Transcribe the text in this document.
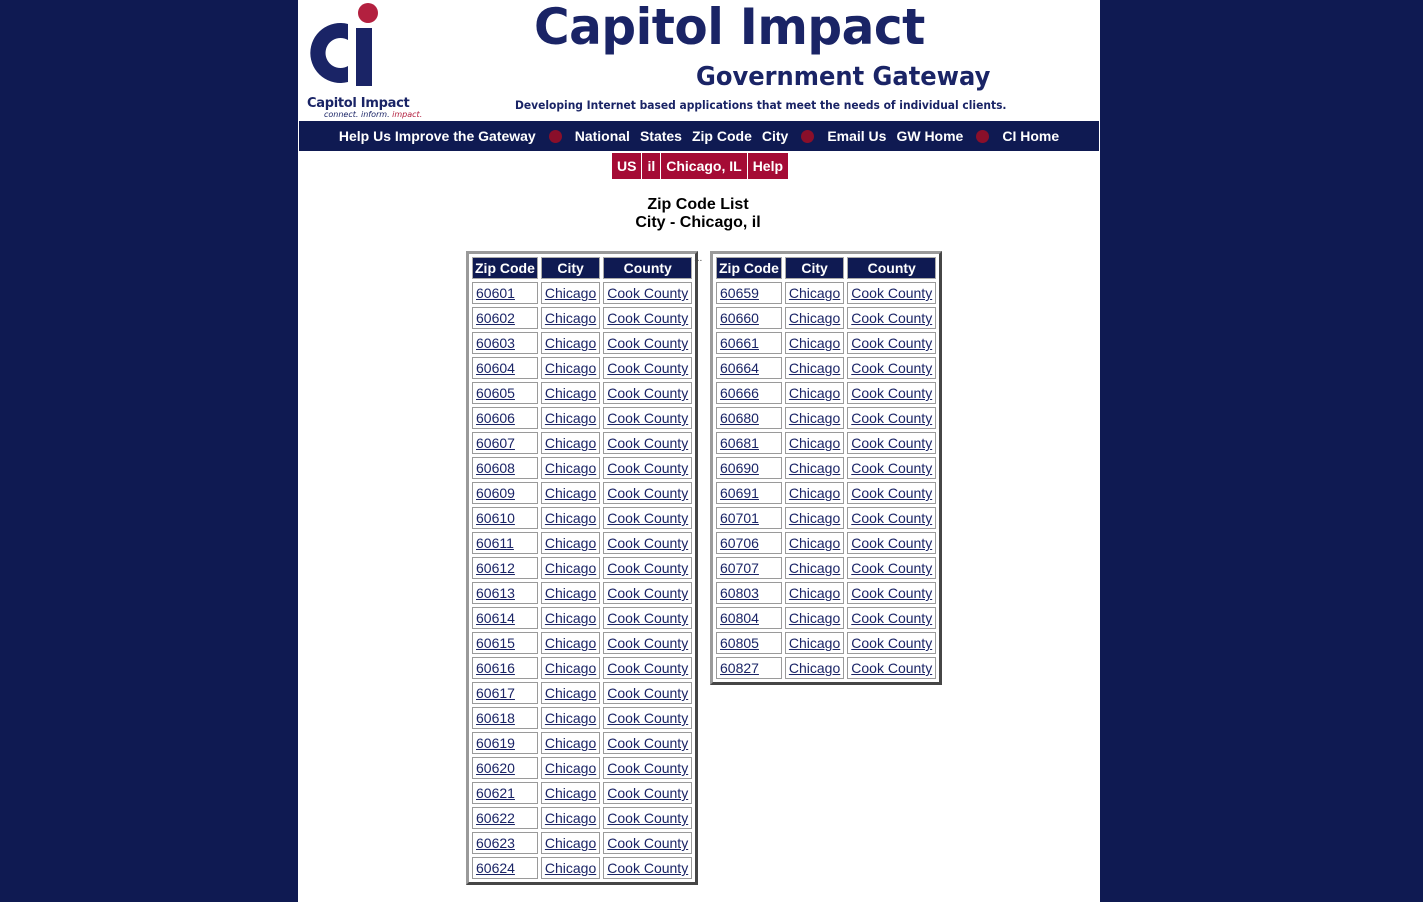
Capitol Impact
connect. inform. impact.
Capitol Impact
Government Gateway
Developing Internet based applications that meet the needs of individual clients.
Help Us Improve the Gateway	National States Zip Code City	Email Us GW Home	CI Home
US il Chicago, IL Help
Zip Code List
City - Chicago, il
Zip Code	City	County
60601	Chicago	Cook County
60602	Chicago	Cook County
60603	Chicago	Cook County
60604	Chicago	Cook County
60605	Chicago	Cook County
60606	Chicago	Cook County
60607	Chicago	Cook County
60608	Chicago	Cook County
60609	Chicago	Cook County
60610	Chicago	Cook County
60611	Chicago	Cook County
60612	Chicago	Cook County
60613	Chicago	Cook County
60614	Chicago	Cook County
60615	Chicago	Cook County
60616	Chicago	Cook County
60617	Chicago	Cook County
60618	Chicago	Cook County
60619	Chicago	Cook County
60620	Chicago	Cook County
60621	Chicago	Cook County
60622	Chicago	Cook County
60623	Chicago	Cook County
60624	Chicago	Cook County
...
Zip Code	City	County
60659	Chicago	Cook County
60660	Chicago	Cook County
60661	Chicago	Cook County
60664	Chicago	Cook County
60666	Chicago	Cook County
60680	Chicago	Cook County
60681	Chicago	Cook County
60690	Chicago	Cook County
60691	Chicago	Cook County
60701	Chicago	Cook County
60706	Chicago	Cook County
60707	Chicago	Cook County
60803	Chicago	Cook County
60804	Chicago	Cook County
60805	Chicago	Cook County
60827	Chicago	Cook County
